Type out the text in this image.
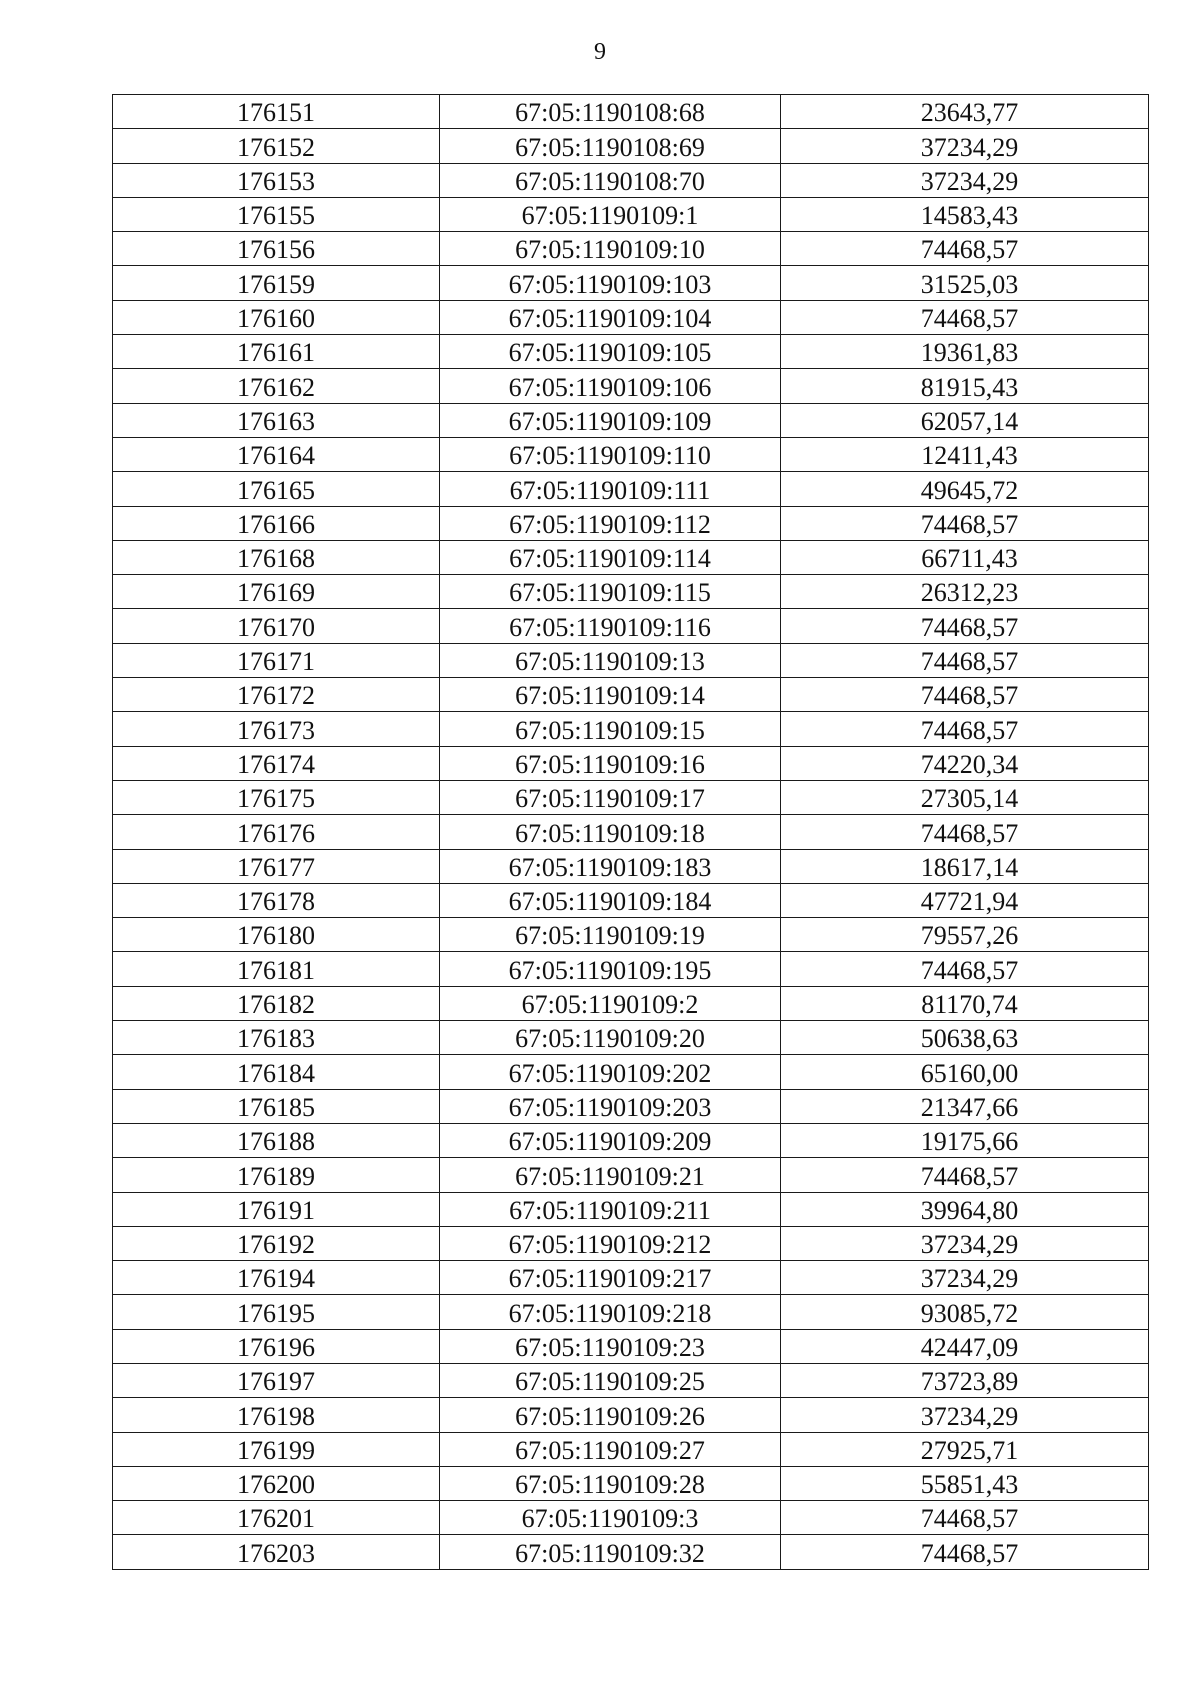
9
176151	67:05:1190108:68	23643,77
176152	67:05:1190108:69	37234,29
176153	67:05:1190108:70	37234,29
176155	67:05:1190109:1	14583,43
176156	67:05:1190109:10	74468,57
176159	67:05:1190109:103	31525,03
176160	67:05:1190109:104	74468,57
176161	67:05:1190109:105	19361,83
176162	67:05:1190109:106	81915,43
176163	67:05:1190109:109	62057,14
176164	67:05:1190109:110	12411,43
176165	67:05:1190109:111	49645,72
176166	67:05:1190109:112	74468,57
176168	67:05:1190109:114	66711,43
176169	67:05:1190109:115	26312,23
176170	67:05:1190109:116	74468,57
176171	67:05:1190109:13	74468,57
176172	67:05:1190109:14	74468,57
176173	67:05:1190109:15	74468,57
176174	67:05:1190109:16	74220,34
176175	67:05:1190109:17	27305,14
176176	67:05:1190109:18	74468,57
176177	67:05:1190109:183	18617,14
176178	67:05:1190109:184	47721,94
176180	67:05:1190109:19	79557,26
176181	67:05:1190109:195	74468,57
176182	67:05:1190109:2	81170,74
176183	67:05:1190109:20	50638,63
176184	67:05:1190109:202	65160,00
176185	67:05:1190109:203	21347,66
176188	67:05:1190109:209	19175,66
176189	67:05:1190109:21	74468,57
176191	67:05:1190109:211	39964,80
176192	67:05:1190109:212	37234,29
176194	67:05:1190109:217	37234,29
176195	67:05:1190109:218	93085,72
176196	67:05:1190109:23	42447,09
176197	67:05:1190109:25	73723,89
176198	67:05:1190109:26	37234,29
176199	67:05:1190109:27	27925,71
176200	67:05:1190109:28	55851,43
176201	67:05:1190109:3	74468,57
176203	67:05:1190109:32	74468,57
